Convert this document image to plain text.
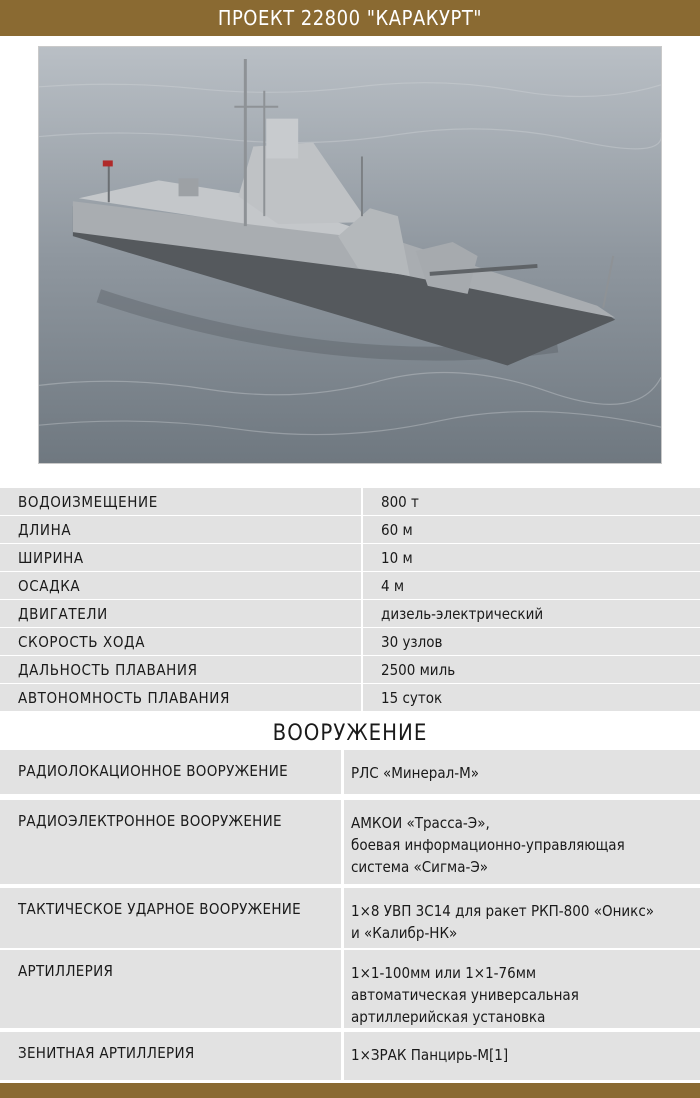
ПРОЕКТ 22800 "КАРАКУРТ"
ВОДОИЗМЕЩЕНИЕ	800 т
ДЛИНА	60 м
ШИРИНА	10 м
ОСАДКА	4 м
ДВИГАТЕЛИ	дизель-электрический
СКОРОСТЬ ХОДА	30 узлов
ДАЛЬНОСТЬ ПЛАВАНИЯ	2500 миль
АВТОНОМНОСТЬ ПЛАВАНИЯ	15 суток
ВООРУЖЕНИЕ
РАДИОЛОКАЦИОННОЕ ВООРУЖЕНИЕ	РЛС «Минерал-М»
РАДИОЭЛЕКТРОННОЕ ВООРУЖЕНИЕ	АМКОИ «Трасса-Э»,
боевая информационно-управляющая
система «Сигма-Э»
ТАКТИЧЕСКОЕ УДАРНОЕ ВООРУЖЕНИЕ	1×8 УВП 3С14 для ракет РКП-800 «Оникс»
и «Калибр-НК»
АРТИЛЛЕРИЯ	1×1-100мм или 1×1-76мм
автоматическая универсальная
артиллерийская установка
ЗЕНИТНАЯ АРТИЛЛЕРИЯ	1×ЗРАК Панцирь-М[1]
